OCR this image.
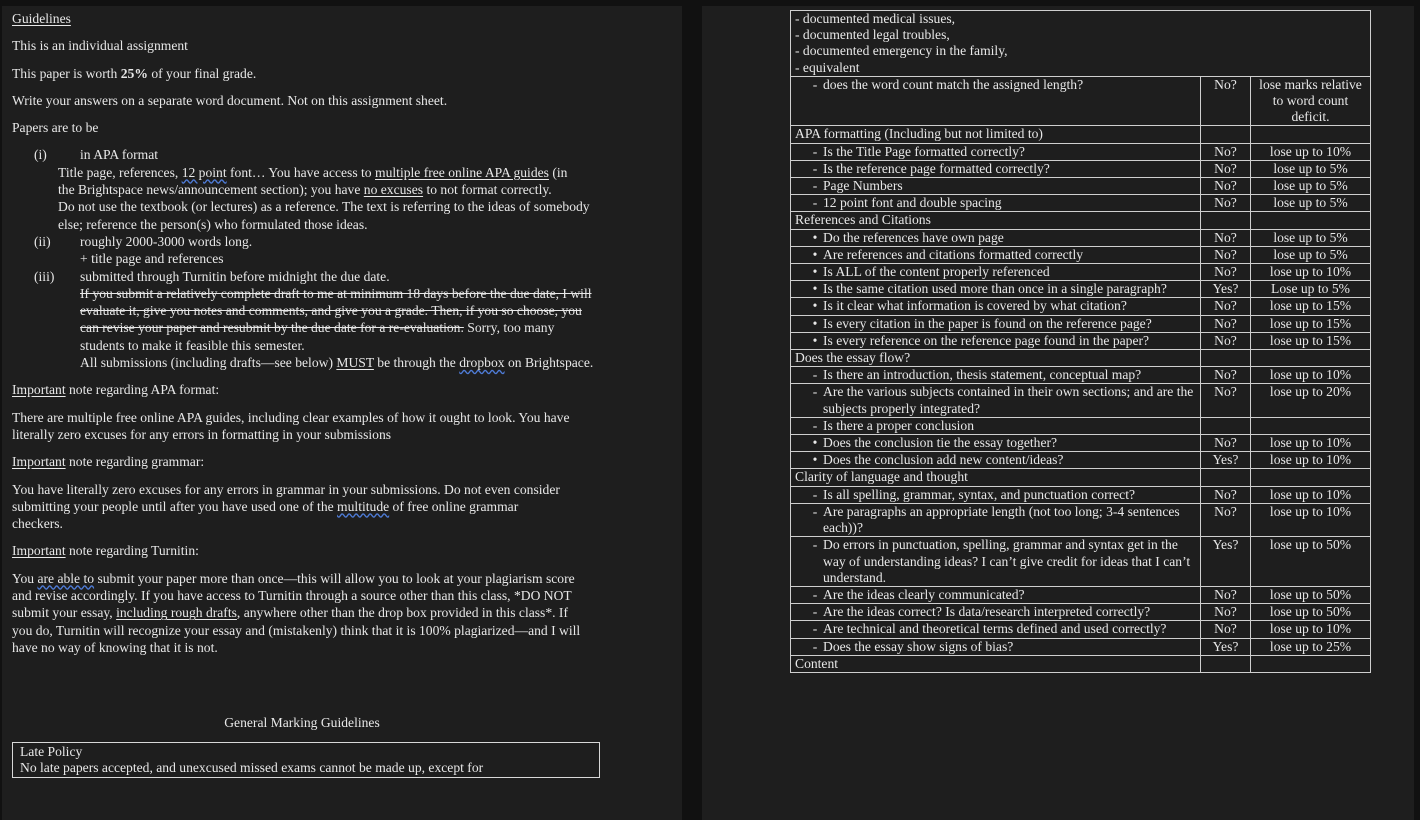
Guidelines

This is an individual assignment

This paper is worth 25% of your final grade.

Write your answers on a separate word document. Not on this assignment sheet.

Papers are to be

(i)	in APA format
Title page, references, 12 point font… You have access to multiple free online APA guides (in the Brightspace news/announcement section); you have no excuses to not format correctly.
Do not use the textbook (or lectures) as a reference. The text is referring to the ideas of somebody else; reference the person(s) who formulated those ideas.
(ii)	roughly 2000-3000 words long.
+ title page and references
(iii)	submitted through Turnitin before midnight the due date.
If you submit a relatively complete draft to me at minimum 18 days before the due date, I will evaluate it, give you notes and comments, and give you a grade. Then, if you so choose, you can revise your paper and resubmit by the due date for a re-evaluation. Sorry, too many students to make it feasible this semester.
All submissions (including drafts—see below) MUST be through the dropbox on Brightspace.

Important note regarding APA format:

There are multiple free online APA guides, including clear examples of how it ought to look. You have literally zero excuses for any errors in formatting in your submissions

Important note regarding grammar:

You have literally zero excuses for any errors in grammar in your submissions. Do not even consider submitting your people until after you have used one of the multitude of free online grammar checkers.

Important note regarding Turnitin:

You are able to submit your paper more than once—this will allow you to look at your plagiarism score and revise accordingly. If you have access to Turnitin through a source other than this class, *DO NOT submit your essay, including rough drafts, anywhere other than the drop box provided in this class*. If you do, Turnitin will recognize your essay and (mistakenly) think that it is 100% plagiarized—and I will have no way of knowing that it is not.

General Marking Guidelines
Late Policy
No late papers accepted, and unexcused missed exams cannot be made up, except for
- documented medical issues,
- documented legal troubles,
- documented emergency in the family,
- equivalent		

-
does the word count match the assigned length?	No?	lose marks relative to word count deficit.
APA formatting (Including but not limited to)		

-
Is the Title Page formatted correctly?	No?	lose up to 10%

-
Is the reference page formatted correctly?	No?	lose up to 5%

-
Page Numbers	No?	lose up to 5%

-
12 point font and double spacing	No?	lose up to 5%
References and Citations		

•
Do the references have own page	No?	lose up to 5%

•
Are references and citations formatted correctly	No?	lose up to 5%

•
Is ALL of the content properly referenced	No?	lose up to 10%

•
Is the same citation used more than once in a single paragraph?	Yes?	Lose up to 5%

•
Is it clear what information is covered by what citation?	No?	lose up to 15%

•
Is every citation in the paper is found on the reference page?	No?	lose up to 15%

•
Is every reference on the reference page found in the paper?	No?	lose up to 15%
Does the essay flow?		

-
Is there an introduction, thesis statement, conceptual map?	No?	lose up to 10%

-
Are the various subjects contained in their own sections; and are the subjects properly integrated?	No?	lose up to 20%

-
Is there a proper conclusion

•
Does the conclusion tie the essay together?	No?	lose up to 10%

•
Does the conclusion add new content/ideas?	Yes?	lose up to 10%
Clarity of language and thought		

-
Is all spelling, grammar, syntax, and punctuation correct?	No?	lose up to 10%

-
Are paragraphs an appropriate length (not too long; 3-4 sentences each))?	No?	lose up to 10%

-
Do errors in punctuation, spelling, grammar and syntax get in the way of understanding ideas? I can’t give credit for ideas that I can’t understand.	Yes?	lose up to 50%

-
Are the ideas clearly communicated?	No?	lose up to 50%

-
Are the ideas correct? Is data/research interpreted correctly?	No?	lose up to 50%

-
Are technical and theoretical terms defined and used correctly?	No?	lose up to 10%

-
Does the essay show signs of bias?	Yes?	lose up to 25%
Content		
